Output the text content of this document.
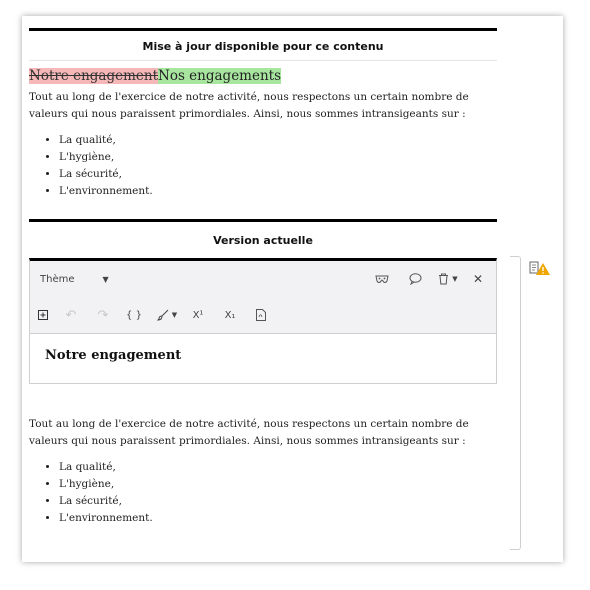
Mise à jour disponible pour ce contenu
Notre engagementNos engagements
Tout au long de l'exercice de notre activité, nous respectons un certain nombre de valeurs qui nous paraissent primordiales. Ainsi, nous sommes intransigeants sur :
• La qualité,
• L'hygiène,
• La sécurité,
• L'environnement.
Version actuelle
Thème	▼	▼ ✕
↶ ↷ { }	▼ X¹ X₁
Notre engagement
Tout au long de l'exercice de notre activité, nous respectons un certain nombre de valeurs qui nous paraissent primordiales. Ainsi, nous sommes intransigeants sur :
• La qualité,
• L'hygiène,
• La sécurité,
• L'environnement.
